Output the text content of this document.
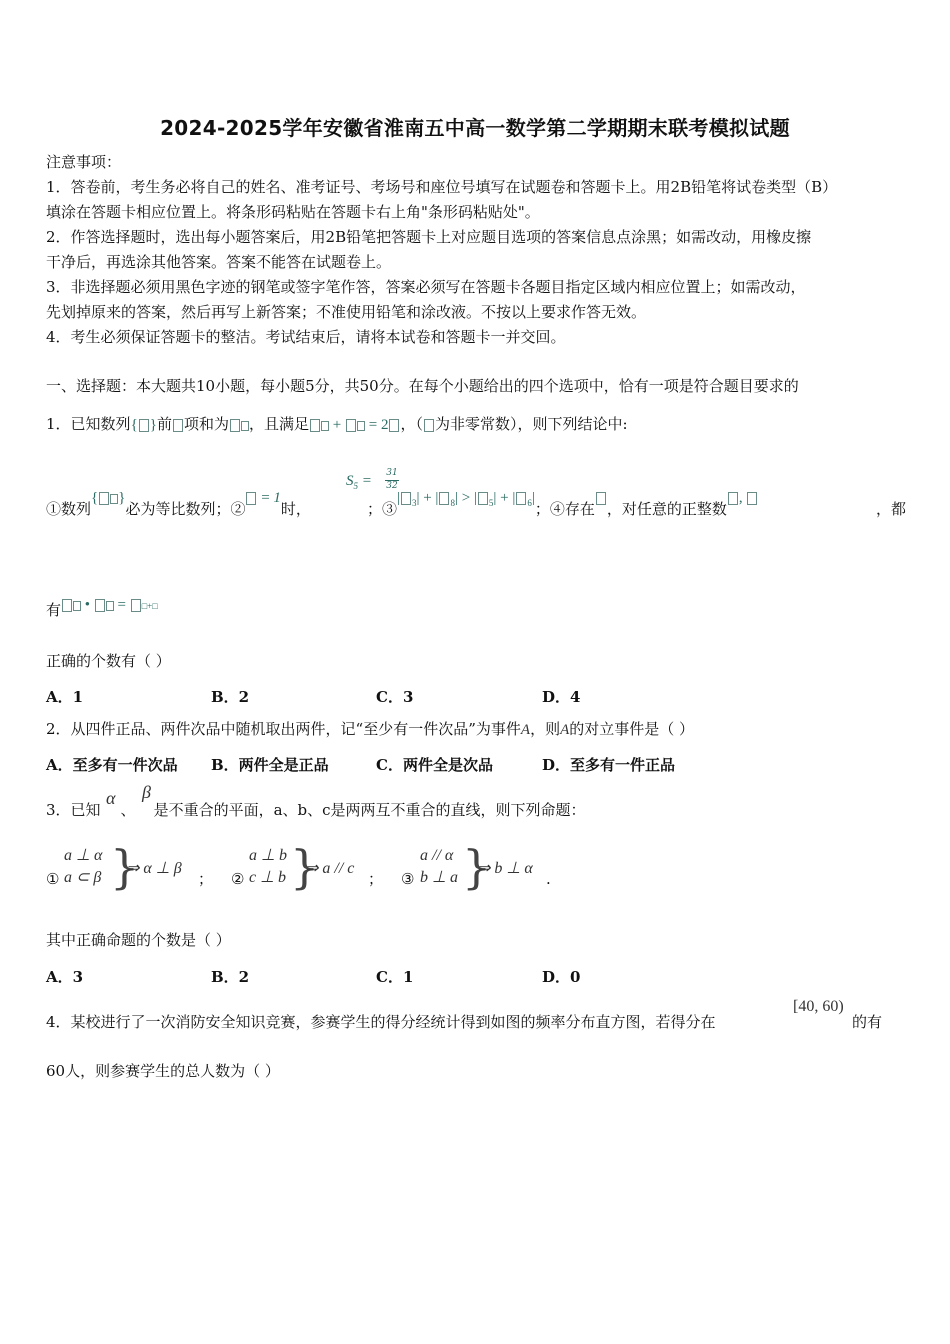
2024-2025学年安徽省淮南五中高一数学第二学期期末联考模拟试题
注意事项：
1．答卷前，考生务必将自己的姓名、准考证号、考场号和座位号填写在试题卷和答题卡上。用2B铅笔将试卷类型（B）
填涂在答题卡相应位置上。将条形码粘贴在答题卡右上角"条形码粘贴处"。
2．作答选择题时，选出每小题答案后，用2B铅笔把答题卡上对应题目选项的答案信息点涂黑；如需改动，用橡皮擦
干净后，再选涂其他答案。答案不能答在试题卷上。
3．非选择题必须用黑色字迹的钢笔或签字笔作答，答案必须写在答题卡各题目指定区域内相应位置上；如需改动，
先划掉原来的答案，然后再写上新答案；不准使用铅笔和涂改液。不按以上要求作答无效。
4．考生必须保证答题卡的整洁。考试结束后，请将本试卷和答题卡一并交回。
一、选择题：本大题共10小题，每小题5分，共50分。在每个小题给出的四个选项中，恰有一项是符合题目要求的
1．已知数列{ }前 项和为 ，且满足 +  = 2 ，（ 为非零常数），则下列结论中:
$S_5 = 31$
32
①数列{ }必为等比数列；② = 1时，	；③| $_3$| + | $_8$| > | $_5$| + | $_6$|；④存在 ，对任意的正整数,
，都
有 •  = □+□
正确的个数有（ ）
A．1	B．2	C．3	D．4
2．从四件正品、两件次品中随机取出两件，记“至少有一件次品”为事件A，则A的对立事件是（ ）
A．至多有一件次品 B．两件全是正品	C．两件全是次品	D．至多有一件正品
α β
3．已知 、 是不重合的平面，a、b、c是两两互不重合的直线，则下列命题：
①
a ⊥ α
a ⊂ β }
⇒ α ⊥ β
； ②
a ⊥ b
c ⊥ b }
⇒ a // c
； ③
a // α
b ⊥ a }
⇒ b ⊥ α
.
其中正确命题的个数是（ ）
A．3	B．2	C．1	D．0
[40, 60)
4．某校进行了一次消防安全知识竞赛，参赛学生的得分经统计得到如图的频率分布直方图，若得分在	的有
60人，则参赛学生的总人数为（ ）
